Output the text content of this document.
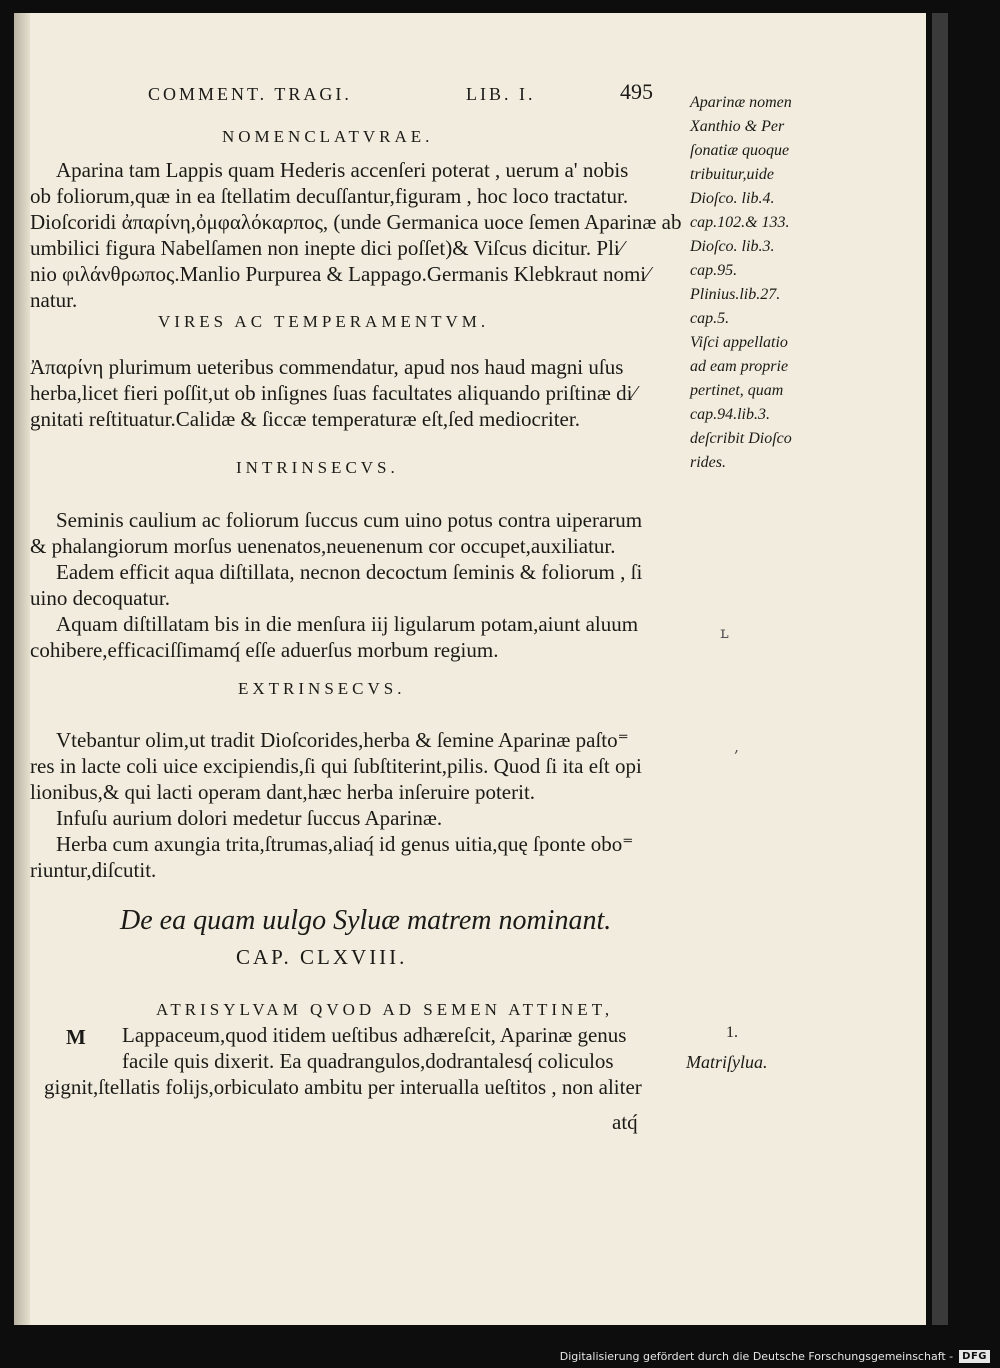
COMMENT. TRAGI.	LIB. I.	495
NOMENCLATVRAE.
Aparina tam Lappis quam Hederis accenſeri poterat , uerum a' nobis
ob foliorum,quæ in ea ſtellatim decuſſantur,figuram , hoc loco tractatur.
Dioſcoridi ἀπαρίνη,ὀμφαλόκαρπος, (unde Germanica uoce ſemen Aparinæ ab
umbilici figura Nabelſamen non inepte dici poſſet)& Viſcus dicitur. Pli⁄
nio φιλάνθρωπος.Manlio Purpurea & Lappago.Germanis Klebkraut nomi⁄
natur.
VIRES AC TEMPERAMENTVM.
Ἀπαρίνη plurimum ueteribus commendatur, apud nos haud magni uſus
herba,licet fieri poſſit,ut ob inſignes ſuas facultates aliquando priſtinæ di⁄
gnitati reſtituatur.Calidæ & ſiccæ temperaturæ eſt,ſed mediocriter.
INTRINSECVS.
Seminis caulium ac foliorum ſuccus cum uino potus contra uiperarum
& phalangiorum morſus uenenatos,neuenenum cor occupet,auxiliatur.
Eadem efficit aqua diſtillata, necnon decoctum ſeminis & foliorum , ſi
uino decoquatur.
Aquam diſtillatam bis in die menſura iij ligularum potam,aiunt aluum
cohibere,efficaciſſimamq́ eſſe aduerſus morbum regium.
EXTRINSECVS.
Vtebantur olim,ut tradit Dioſcorides,herba & ſemine Aparinæ paſto⁼
res in lacte coli uice excipiendis,ſi qui ſubſtiterint,pilis. Quod ſi ita eſt opi
lionibus,& qui lacti operam dant,hæc herba inſeruire poterit.
Infuſu aurium dolori medetur ſuccus Aparinæ.
Herba cum axungia trita,ſtrumas,aliaq́ id genus uitia,quę ſponte obo⁼
riuntur,diſcutit.
De ea quam uulgo Syluæ matrem nominant.
CAP. CLXVIII.
ATRISYLVAM QVOD AD SEMEN ATTINET,
M Lappaceum,quod itidem ueſtibus adhæreſcit, Aparinæ genus
facile quis dixerit. Ea quadrangulos,dodrantalesq́ coliculos
gignit,ſtellatis folijs,orbiculato ambitu per interualla ueſtitos , non aliter
atq́
Aparinæ nomen
Xanthio & Per
ſonatiæ quoque
tribuitur,uide
Dioſco. lib.4.
cap.102.& 133.
Dioſco. lib.3.
cap.95.
Plinius.lib.27.
cap.5.
Viſci appellatio
ad eam proprie
pertinet, quam
cap.94.lib.3.
deſcribit Dioſco
rides.
1.
Matriſylua.
ʟ
,
Digitalisierung gefördert durch die Deutsche Forschungsgemeinschaft - DFG
